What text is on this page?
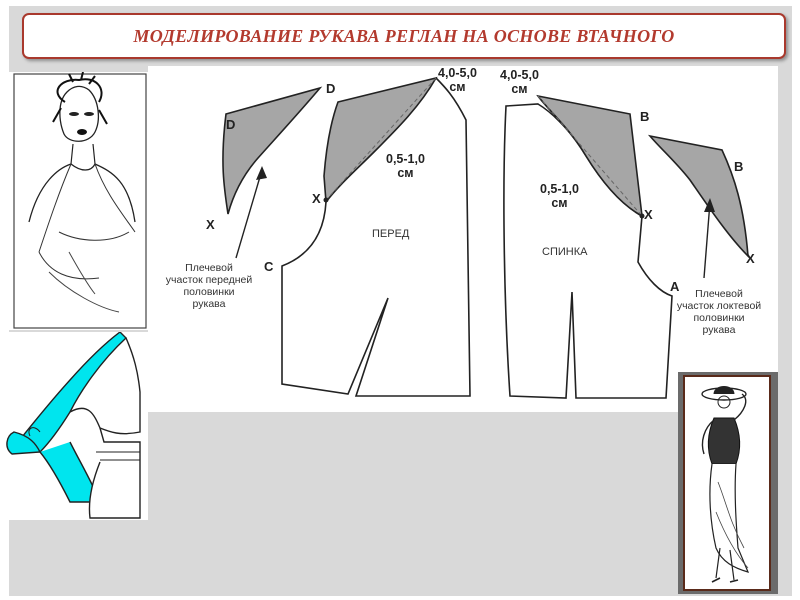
МОДЕЛИРОВАНИЕ РУКАВА РЕГЛАН НА ОСНОВЕ ВТАЧНОГО
D
D
X
X
C
B
B
X
X
A
4,0-5,0
см
4,0-5,0
см
0,5-1,0
см
0,5-1,0
см
ПЕРЕД
СПИНКА
Плечевой
участок передней
половинки
рукава
Плечевой
участок локтевой
половинки
рукава
